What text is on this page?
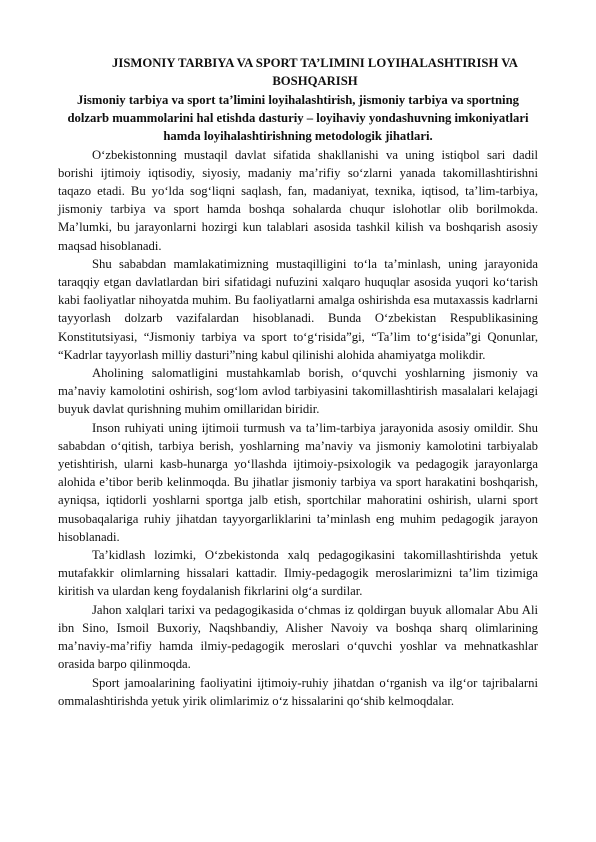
JISMONIY TARBIYA VA SPORT TA’LIMINI LOYIHALASHTIRISH VA BOSHQARISH
Jismoniy tarbiya va sport ta’limini loyihalashtirish, jismoniy tarbiya va sportning dolzarb muammolarini hal etishda dasturiy – loyihaviy yondashuvning imkoniyatlari hamda loyihalashtirishning metodologik jihatlari.

O‘zbekistonning mustaqil davlat sifatida shakllanishi va uning istiqbol sari dadil borishi ijtimoiy iqtisodiy, siyosiy, madaniy ma’rifiy so‘zlarni yanada takomillashtirishni taqazo etadi. Bu yo‘lda sog‘liqni saqlash, fan, madaniyat, texnika, iqtisod, ta’lim-tarbiya, jismoniy tarbiya va sport hamda boshqa sohalarda chuqur islohotlar olib borilmokda. Ma’lumki, bu jarayonlarni hozirgi kun talablari asosida tashkil kilish va boshqarish asosiy maqsad hisoblanadi.

Shu sababdan mamlakatimizning mustaqilligini to‘la ta’minlash, uning jarayonida taraqqiy etgan davlatlardan biri sifatidagi nufuzini xalqaro huquqlar asosida yuqori ko‘tarish kabi faoliyatlar nihoyatda muhim. Bu faoliyatlarni amalga oshirishda esa mutaxassis kadrlarni tayyorlash dolzarb vazifalardan hisoblanadi. Bunda O‘zbekistan Respublikasining Konstitutsiyasi, “Jismoniy tarbiya va sport to‘g‘risida”gi, “Ta’lim to‘g‘isida”gi Qonunlar, “Kadrlar tayyorlash milliy dasturi”ning kabul qilinishi alohida ahamiyatga molikdir.

Aholining salomatligini mustahkamlab borish, o‘quvchi yoshlarning jismoniy va ma’naviy kamolotini oshirish, sog‘lom avlod tarbiyasini takomillashtirish masalalari kelajagi buyuk davlat qurishning muhim omillaridan biridir.

Inson ruhiyati uning ijtimoii turmush va ta’lim-tarbiya jarayonida asosiy omildir. Shu sababdan o‘qitish, tarbiya berish, yoshlarning ma’naviy va jismoniy kamolotini tarbiyalab yetishtirish, ularni kasb-hunarga yo‘llashda ijtimoiy-psixologik va pedagogik jarayonlarga alohida e’tibor berib kelinmoqda. Bu jihatlar jismoniy tarbiya va sport harakatini boshqarish, ayniqsa, iqtidorli yoshlarni sportga jalb etish, sportchilar mahoratini oshirish, ularni sport musobaqalariga ruhiy jihatdan tayyorgarliklarini ta’minlash eng muhim pedagogik jarayon hisoblanadi.

Ta’kidlash lozimki, O‘zbekistonda xalq pedagogikasini takomillashtirishda yetuk mutafakkir olimlarning hissalari kattadir. Ilmiy-pedagogik meroslarimizni ta’lim tizimiga kiritish va ulardan keng foydalanish fikrlarini olg‘a surdilar.

Jahon xalqlari tarixi va pedagogikasida o‘chmas iz qoldirgan buyuk allomalar Abu Ali ibn Sino, Ismoil Buxoriy, Naqshbandiy, Alisher Navoiy va boshqa sharq olimlarining ma’naviy-ma’rifiy hamda ilmiy-pedagogik meroslari o‘quvchi yoshlar va mehnatkashlar orasida barpo qilinmoqda.

Sport jamoalarining faoliyatini ijtimoiy-ruhiy jihatdan o‘rganish va ilg‘or tajribalarni ommalashtirishda yetuk yirik olimlarimiz o‘z hissalarini qo‘shib kelmoqdalar.
